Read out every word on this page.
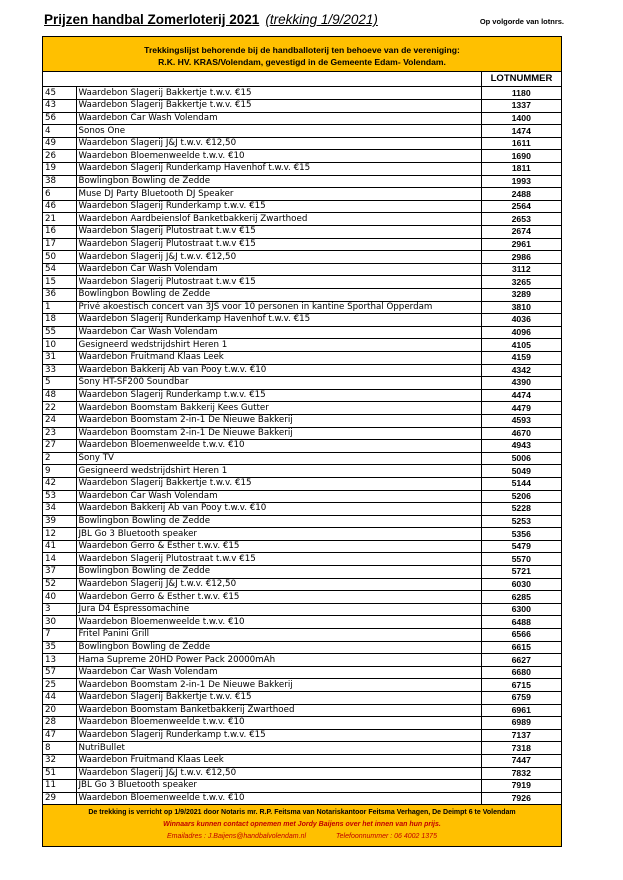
Prijzen handbal Zomerloterij 2021 (trekking 1/9/2021)	Op volgorde van lotnrs.
Trekkingslijst behorende bij de handballoterij ten behoeve van de vereniging:
R.K. HV. KRAS/Volendam, gevestigd in de Gemeente Edam- Volendam.
LOTNUMMER
45	Waardebon Slagerij Bakkertje t.w.v. €15	1180
43	Waardebon Slagerij Bakkertje t.w.v. €15	1337
56	Waardebon Car Wash Volendam	1400
4	Sonos One	1474
49	Waardebon Slagerij J&J t.w.v. €12,50	1611
26	Waardebon Bloemenweelde t.w.v. €10	1690
19	Waardebon Slagerij Runderkamp Havenhof t.w.v. €15	1811
38	Bowlingbon Bowling de Zedde	1993
6	Muse DJ Party Bluetooth DJ Speaker	2488
46	Waardebon Slagerij Runderkamp t.w.v. €15	2564
21	Waardebon Aardbeienslof Banketbakkerij Zwarthoed	2653
16	Waardebon Slagerij Plutostraat t.w.v €15	2674
17	Waardebon Slagerij Plutostraat t.w.v €15	2961
50	Waardebon Slagerij J&J t.w.v. €12,50	2986
54	Waardebon Car Wash Volendam	3112
15	Waardebon Slagerij Plutostraat t.w.v €15	3265
36	Bowlingbon Bowling de Zedde	3289
1	Privé akoestisch concert van 3JS voor 10 personen in kantine Sporthal Opperdam	3810
18	Waardebon Slagerij Runderkamp Havenhof t.w.v. €15	4036
55	Waardebon Car Wash Volendam	4096
10	Gesigneerd wedstrijdshirt Heren 1	4105
31	Waardebon Fruitmand Klaas Leek	4159
33	Waardebon Bakkerij Ab van Pooy t.w.v. €10	4342
5	Sony HT-SF200 Soundbar	4390
48	Waardebon Slagerij Runderkamp t.w.v. €15	4474
22	Waardebon Boomstam Bakkerij Kees Gutter	4479
24	Waardebon Boomstam 2-in-1 De Nieuwe Bakkerij	4593
23	Waardebon Boomstam 2-in-1 De Nieuwe Bakkerij	4670
27	Waardebon Bloemenweelde t.w.v. €10	4943
2	Sony TV	5006
9	Gesigneerd wedstrijdshirt Heren 1	5049
42	Waardebon Slagerij Bakkertje t.w.v. €15	5144
53	Waardebon Car Wash Volendam	5206
34	Waardebon Bakkerij Ab van Pooy t.w.v. €10	5228
39	Bowlingbon Bowling de Zedde	5253
12	JBL Go 3 Bluetooth speaker	5356
41	Waardebon Gerro & Esther t.w.v. €15	5479
14	Waardebon Slagerij Plutostraat t.w.v €15	5570
37	Bowlingbon Bowling de Zedde	5721
52	Waardebon Slagerij J&J t.w.v. €12,50	6030
40	Waardebon Gerro & Esther t.w.v. €15	6285
3	Jura D4 Espressomachine	6300
30	Waardebon Bloemenweelde t.w.v. €10	6488
7	Fritel Panini Grill	6566
35	Bowlingbon Bowling de Zedde	6615
13	Hama Supreme 20HD Power Pack 20000mAh	6627
57	Waardebon Car Wash Volendam	6680
25	Waardebon Boomstam 2-in-1 De Nieuwe Bakkerij	6715
44	Waardebon Slagerij Bakkertje t.w.v. €15	6759
20	Waardebon Boomstam Banketbakkerij Zwarthoed	6961
28	Waardebon Bloemenweelde t.w.v. €10	6989
47	Waardebon Slagerij Runderkamp t.w.v. €15	7137
8	NutriBullet	7318
32	Waardebon Fruitmand Klaas Leek	7447
51	Waardebon Slagerij J&J t.w.v. €12,50	7832
11	JBL Go 3 Bluetooth speaker	7919
29	Waardebon Bloemenweelde t.w.v. €10	7926
De trekking is verricht op 1/9/2021 door Notaris mr. R.P. Feitsma van Notariskantoor Feitsma Verhagen, De Deimpt 6 te Volendam
Winnaars kunnen contact opnemen met Jordy Baijens over het innen van hun prijs.
Emailadres : J.Baijens@handbalvolendam.nl	Telefoonnummer : 06 4002 1375
